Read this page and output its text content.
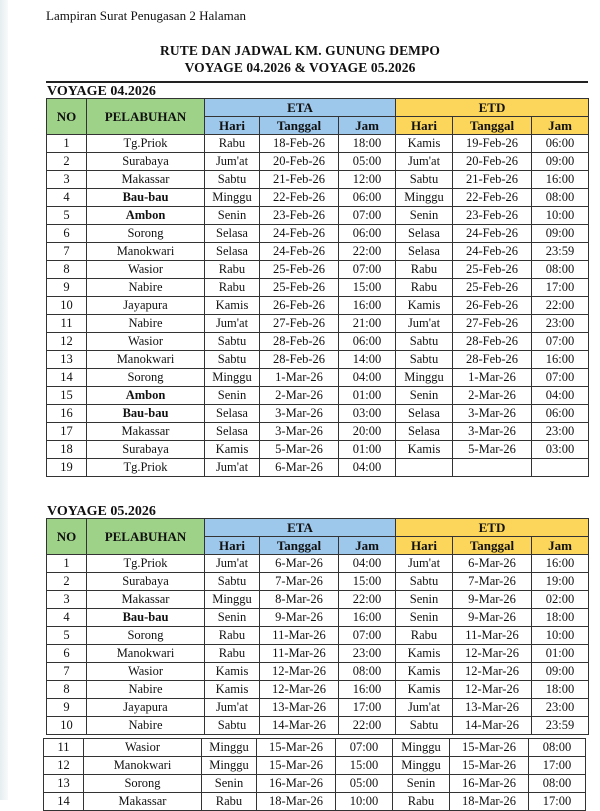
Lampiran Surat Penugasan 2 Halaman
RUTE DAN JADWAL KM. GUNUNG DEMPO
VOYAGE 04.2026 & VOYAGE 05.2026
VOYAGE 04.2026
NO	PELABUHAN	ETA			ETD		
		Hari	Tanggal	Jam	Hari	Tanggal	Jam
1	Tg.Priok	Rabu	18-Feb-26	18:00	Kamis	19-Feb-26	06:00
2	Surabaya	Jum'at	20-Feb-26	05:00	Jum'at	20-Feb-26	09:00
3	Makassar	Sabtu	21-Feb-26	12:00	Sabtu	21-Feb-26	16:00
4	Bau-bau	Minggu	22-Feb-26	06:00	Minggu	22-Feb-26	08:00
5	Ambon	Senin	23-Feb-26	07:00	Senin	23-Feb-26	10:00
6	Sorong	Selasa	24-Feb-26	06:00	Selasa	24-Feb-26	09:00
7	Manokwari	Selasa	24-Feb-26	22:00	Selasa	24-Feb-26	23:59
8	Wasior	Rabu	25-Feb-26	07:00	Rabu	25-Feb-26	08:00
9	Nabire	Rabu	25-Feb-26	15:00	Rabu	25-Feb-26	17:00
10	Jayapura	Kamis	26-Feb-26	16:00	Kamis	26-Feb-26	22:00
11	Nabire	Jum'at	27-Feb-26	21:00	Jum'at	27-Feb-26	23:00
12	Wasior	Sabtu	28-Feb-26	06:00	Sabtu	28-Feb-26	07:00
13	Manokwari	Sabtu	28-Feb-26	14:00	Sabtu	28-Feb-26	16:00
14	Sorong	Minggu	1-Mar-26	04:00	Minggu	1-Mar-26	07:00
15	Ambon	Senin	2-Mar-26	01:00	Senin	2-Mar-26	04:00
16	Bau-bau	Selasa	3-Mar-26	03:00	Selasa	3-Mar-26	06:00
17	Makassar	Selasa	3-Mar-26	20:00	Selasa	3-Mar-26	23:00
18	Surabaya	Kamis	5-Mar-26	01:00	Kamis	5-Mar-26	03:00
19	Tg.Priok	Jum'at	6-Mar-26	04:00			
VOYAGE 05.2026
NO	PELABUHAN	ETA			ETD		
		Hari	Tanggal	Jam	Hari	Tanggal	Jam
1	Tg.Priok	Jum'at	6-Mar-26	04:00	Jum'at	6-Mar-26	16:00
2	Surabaya	Sabtu	7-Mar-26	15:00	Sabtu	7-Mar-26	19:00
3	Makassar	Minggu	8-Mar-26	22:00	Senin	9-Mar-26	02:00
4	Bau-bau	Senin	9-Mar-26	16:00	Senin	9-Mar-26	18:00
5	Sorong	Rabu	11-Mar-26	07:00	Rabu	11-Mar-26	10:00
6	Manokwari	Rabu	11-Mar-26	23:00	Kamis	12-Mar-26	01:00
7	Wasior	Kamis	12-Mar-26	08:00	Kamis	12-Mar-26	09:00
8	Nabire	Kamis	12-Mar-26	16:00	Kamis	12-Mar-26	18:00
9	Jayapura	Jum'at	13-Mar-26	17:00	Jum'at	13-Mar-26	23:00
10	Nabire	Sabtu	14-Mar-26	22:00	Sabtu	14-Mar-26	23:59
11	Wasior	Minggu	15-Mar-26	07:00	Minggu	15-Mar-26	08:00
12	Manokwari	Minggu	15-Mar-26	15:00	Minggu	15-Mar-26	17:00
13	Sorong	Senin	16-Mar-26	05:00	Senin	16-Mar-26	08:00
14	Makassar	Rabu	18-Mar-26	10:00	Rabu	18-Mar-26	17:00
